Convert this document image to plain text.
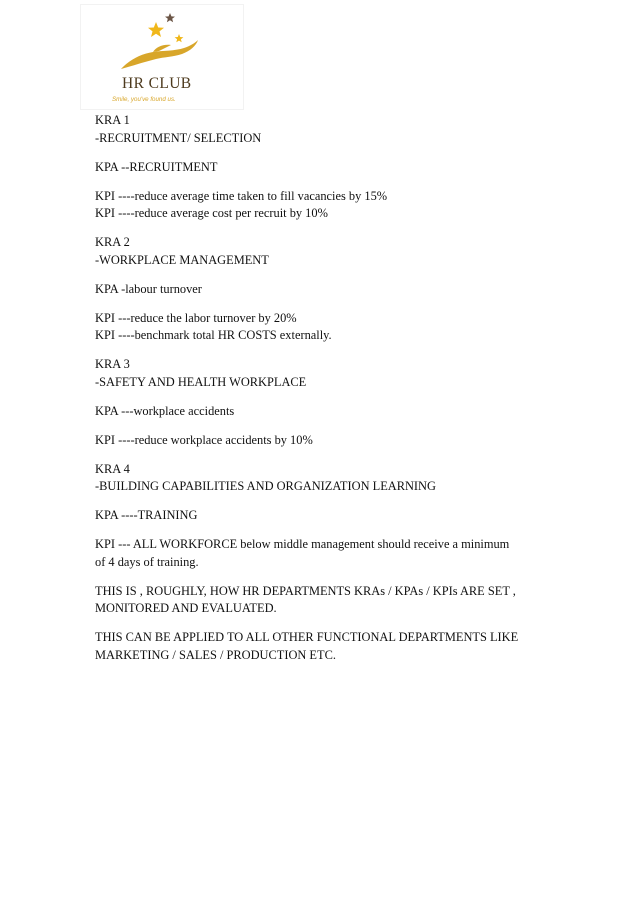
HR CLUB
Smile, you've found us.
KRA 1
-RECRUITMENT/ SELECTION
KPA --RECRUITMENT
KPI ----reduce average time taken to fill vacancies by 15%
KPI ----reduce average cost per recruit by 10%
KRA 2
-WORKPLACE MANAGEMENT
KPA -labour turnover
KPI ---reduce the labor turnover by 20%
KPI ----benchmark total HR COSTS externally.
KRA 3
-SAFETY AND HEALTH WORKPLACE
KPA ---workplace accidents
KPI ----reduce workplace accidents by 10%
KRA 4
-BUILDING CAPABILITIES AND ORGANIZATION LEARNING
KPA ----TRAINING
KPI --- ALL WORKFORCE below middle management should receive a minimum
of 4 days of training.
THIS IS , ROUGHLY, HOW HR DEPARTMENTS KRAs / KPAs / KPIs ARE SET ,
MONITORED AND EVALUATED.
THIS CAN BE APPLIED TO ALL OTHER FUNCTIONAL DEPARTMENTS LIKE
MARKETING / SALES / PRODUCTION ETC.
